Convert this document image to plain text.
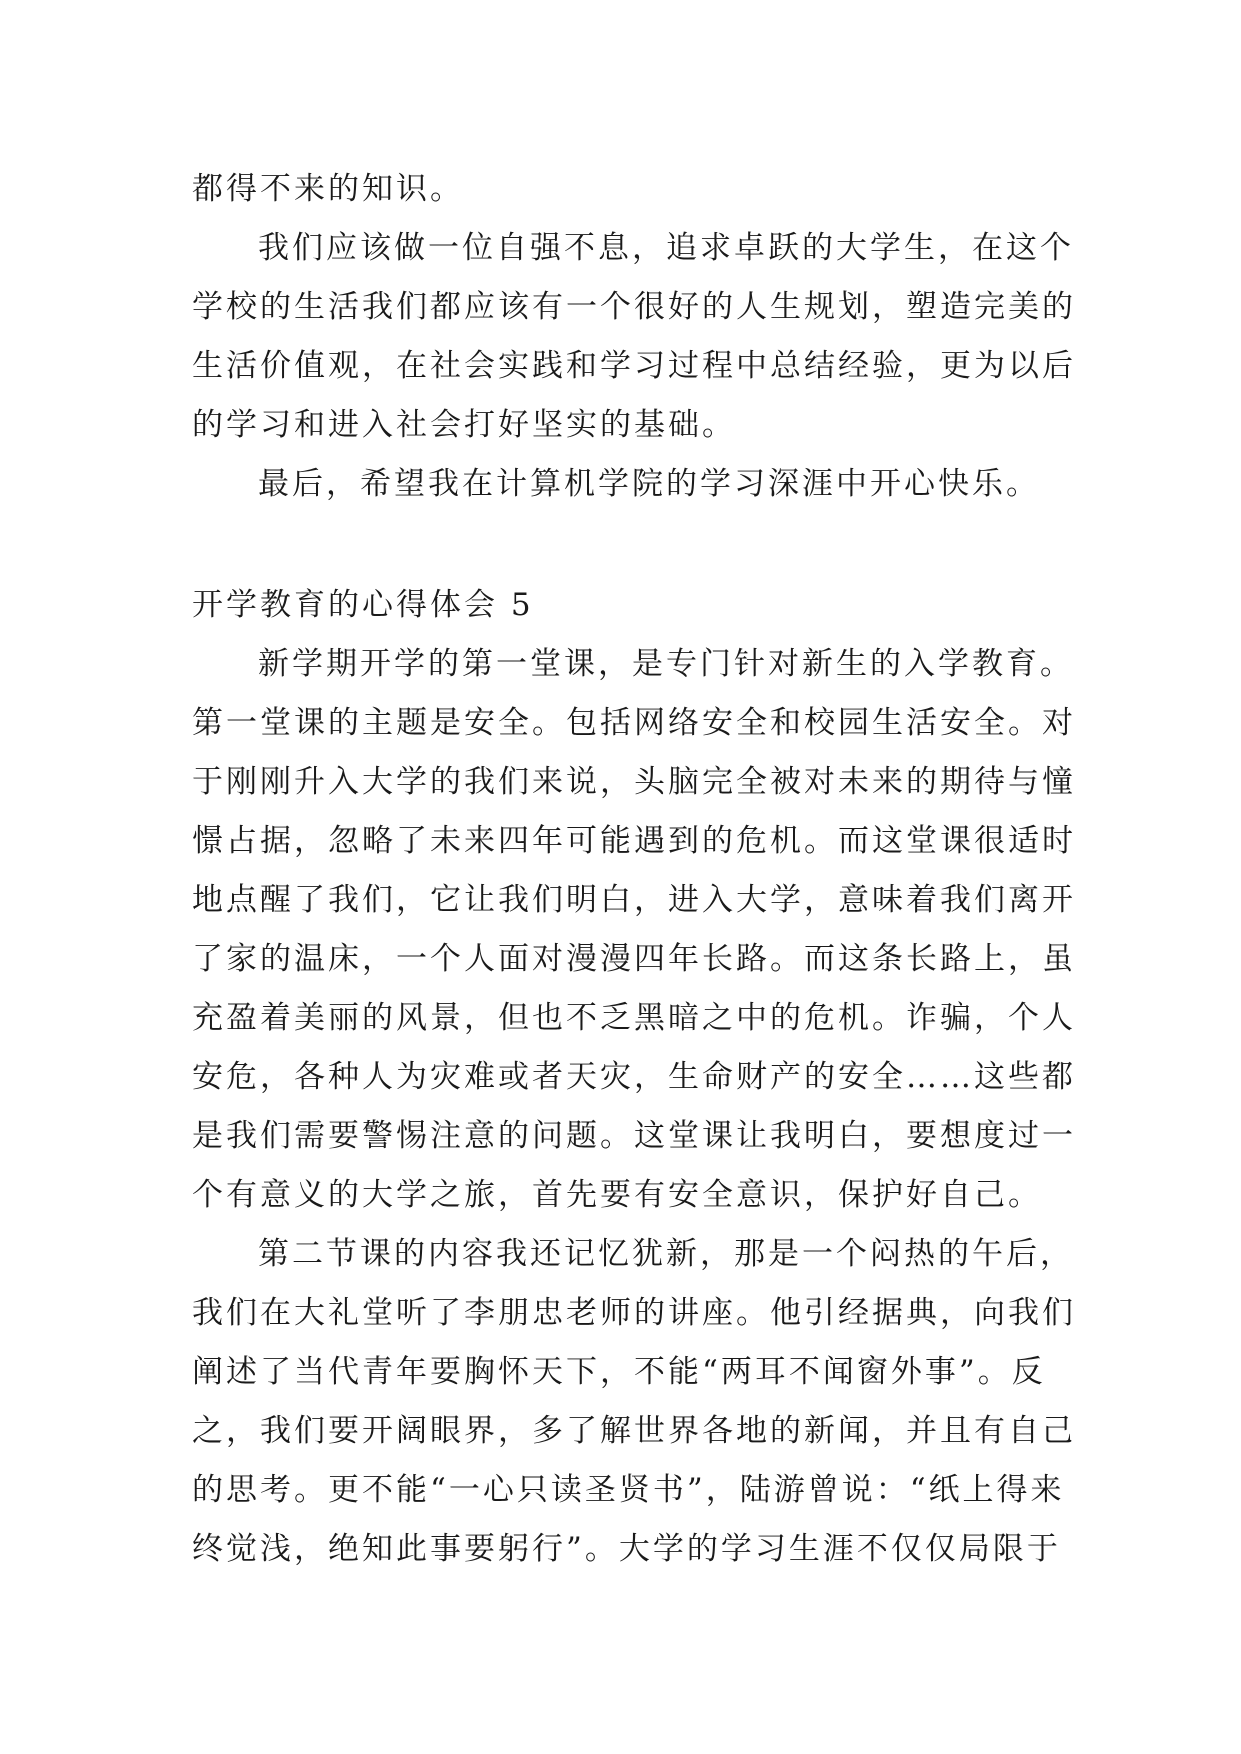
都得不来的知识。
我们应该做一位自强不息，追求卓跃的大学生，在这个
学校的生活我们都应该有一个很好的人生规划，塑造完美的
生活价值观，在社会实践和学习过程中总结经验，更为以后
的学习和进入社会打好坚实的基础。
最后，希望我在计算机学院的学习深涯中开心快乐。
开学教育的心得体会 5
新学期开学的第一堂课，是专门针对新生的入学教育。
第一堂课的主题是安全。包括网络安全和校园生活安全。对
于刚刚升入大学的我们来说，头脑完全被对未来的期待与憧
憬占据，忽略了未来四年可能遇到的危机。而这堂课很适时
地点醒了我们，它让我们明白，进入大学，意味着我们离开
了家的温床，一个人面对漫漫四年长路。而这条长路上，虽
充盈着美丽的风景，但也不乏黑暗之中的危机。诈骗，个人
安危，各种人为灾难或者天灾，生命财产的安全……这些都
是我们需要警惕注意的问题。这堂课让我明白，要想度过一
个有意义的大学之旅，首先要有安全意识，保护好自己。
第二节课的内容我还记忆犹新，那是一个闷热的午后，
我们在大礼堂听了李朋忠老师的讲座。他引经据典，向我们
阐述了当代青年要胸怀天下，不能“两耳不闻窗外事”。反
之，我们要开阔眼界，多了解世界各地的新闻，并且有自己
的思考。更不能“一心只读圣贤书”，陆游曾说：“纸上得来
终觉浅，绝知此事要躬行”。大学的学习生涯不仅仅局限于
